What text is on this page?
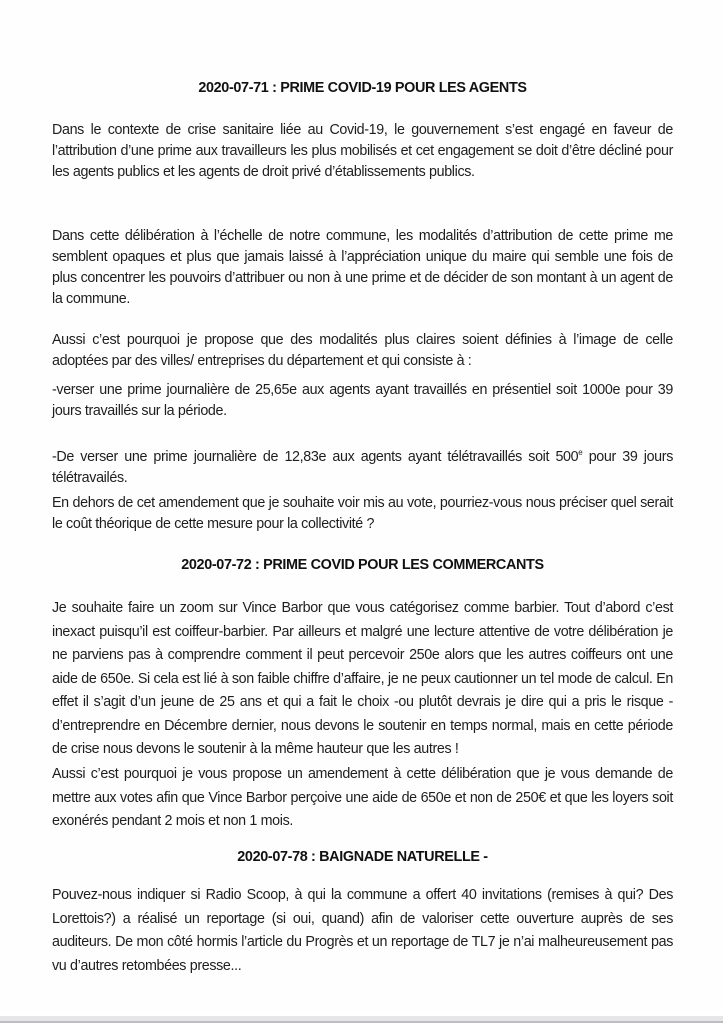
2020-07-71 : PRIME COVID-19 POUR LES AGENTS

Dans le contexte de crise sanitaire liée au Covid-19, le gouvernement s’est engagé en faveur de l’attribution d’une prime aux travailleurs les plus mobilisés et cet engagement se doit d’être décliné pour les agents publics et les agents de droit privé d’établissements publics.

Dans cette délibération à l’échelle de notre commune, les modalités d’attribution de cette prime me semblent opaques et plus que jamais laissé à l’appréciation unique du maire qui semble une fois de plus concentrer les pouvoirs d’attribuer ou non à une prime et de décider de son montant à un agent de la commune.

Aussi c’est pourquoi je propose que des modalités plus claires soient définies à l’image de celle adoptées par des villes/ entreprises du département et qui consiste à :

-verser une prime journalière de 25,65e aux agents ayant travaillés en présentiel soit 1000e pour 39 jours travaillés sur la période.

-De verser une prime journalière de 12,83e aux agents ayant télétravaillés soit 500e pour 39 jours télétravailés.

En dehors de cet amendement que je souhaite voir mis au vote, pourriez-vous nous préciser quel serait le coût théorique de cette mesure pour la collectivité ?

2020-07-72 : PRIME COVID POUR LES COMMERCANTS

Je souhaite faire un zoom sur Vince Barbor que vous catégorisez comme barbier. Tout d’abord c’est inexact puisqu’il est coiffeur-barbier. Par ailleurs et malgré une lecture attentive de votre délibération je ne parviens pas à comprendre comment il peut percevoir 250e alors que les autres coiffeurs ont une aide de 650e. Si cela est lié à son faible chiffre d’affaire, je ne peux cautionner un tel mode de calcul. En effet il s’agit d’un jeune de 25 ans et qui a fait le choix -ou plutôt devrais je dire qui a pris le risque - d’entreprendre en Décembre dernier, nous devons le soutenir en temps normal, mais en cette période de crise nous devons le soutenir à la même hauteur que les autres !

Aussi c’est pourquoi je vous propose un amendement à cette délibération que je vous demande de mettre aux votes afin que Vince Barbor perçoive une aide de 650e et non de 250€ et que les loyers soit exonérés pendant 2 mois et non 1 mois.

2020-07-78 : BAIGNADE NATURELLE -

Pouvez-nous indiquer si Radio Scoop, à qui la commune a offert 40 invitations (remises à qui? Des Lorettois?) a réalisé un reportage (si oui, quand) afin de valoriser cette ouverture auprès de ses auditeurs. De mon côté hormis l’article du Progrès et un reportage de TL7 je n’ai malheureusement pas vu d’autres retombées presse...
